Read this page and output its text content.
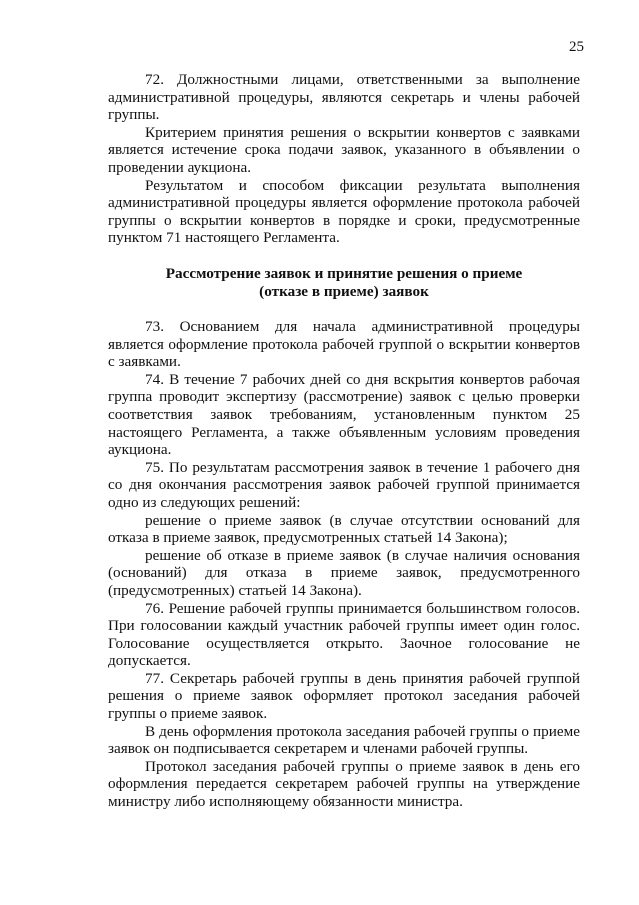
25

72. Должностными лицами, ответственными за выполнение административной процедуры, являются секретарь и члены рабочей группы.

Критерием принятия решения о вскрытии конвертов с заявками является истечение срока подачи заявок, указанного в объявлении о проведении аукциона.

Результатом и способом фиксации результата выполнения административной процедуры является оформление протокола рабочей группы о вскрытии конвертов в порядке и сроки, предусмотренные пунктом 71 настоящего Регламента.

Рассмотрение заявок и принятие решения о приеме
(отказе в приеме) заявок

73. Основанием для начала административной процедуры является оформление протокола рабочей группой о вскрытии конвертов с заявками.

74. В течение 7 рабочих дней со дня вскрытия конвертов рабочая группа проводит экспертизу (рассмотрение) заявок с целью проверки соответствия заявок требованиям, установленным пунктом 25 настоящего Регламента, а также объявленным условиям проведения аукциона.

75. По результатам рассмотрения заявок в течение 1 рабочего дня со дня окончания рассмотрения заявок рабочей группой принимается одно из следующих решений:

решение о приеме заявок (в случае отсутствии оснований для отказа в приеме заявок, предусмотренных статьей 14 Закона);

решение об отказе в приеме заявок (в случае наличия основания (оснований) для отказа в приеме заявок, предусмотренного (предусмотренных) статьей 14 Закона).

76. Решение рабочей группы принимается большинством голосов. При голосовании каждый участник рабочей группы имеет один голос. Голосование осуществляется открыто. Заочное голосование не допускается.

77. Секретарь рабочей группы в день принятия рабочей группой решения о приеме заявок оформляет протокол заседания рабочей группы о приеме заявок.

В день оформления протокола заседания рабочей группы о приеме заявок он подписывается секретарем и членами рабочей группы.

Протокол заседания рабочей группы о приеме заявок в день его оформления передается секретарем рабочей группы на утверждение министру либо исполняющему обязанности министра.
